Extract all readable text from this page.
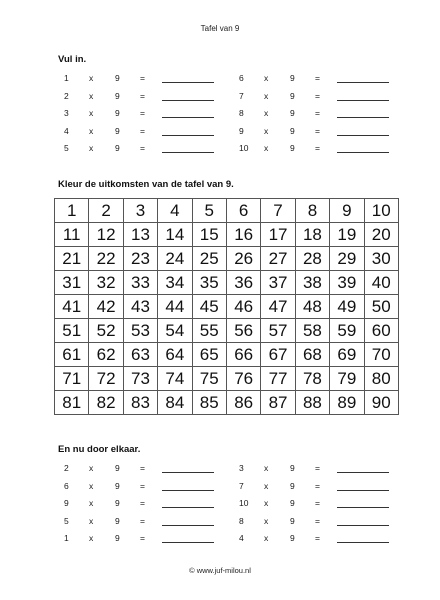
Tafel van 9
Vul in.
1 x	9 =
2 x	9 =
3 x	9 =
4 x	9 =
5 x	9 =
6 x	9 =
7 x	9 =
8 x	9 =
9 x	9 =
10 x	9 =
Kleur de uitkomsten van de tafel van 9.
1	2	3	4	5	6	7	8	9	10
11	12	13	14	15	16	17	18	19	20
21	22	23	24	25	26	27	28	29	30
31	32	33	34	35	36	37	38	39	40
41	42	43	44	45	46	47	48	49	50
51	52	53	54	55	56	57	58	59	60
61	62	63	64	65	66	67	68	69	70
71	72	73	74	75	76	77	78	79	80
81	82	83	84	85	86	87	88	89	90
En nu door elkaar.
2 x	9 =
6 x	9 =
9 x	9 =
5 x	9 =
1 x	9 =
3 x	9 =
7 x	9 =
10 x	9 =
8 x	9 =
4 x	9 =
© www.juf-milou.nl
